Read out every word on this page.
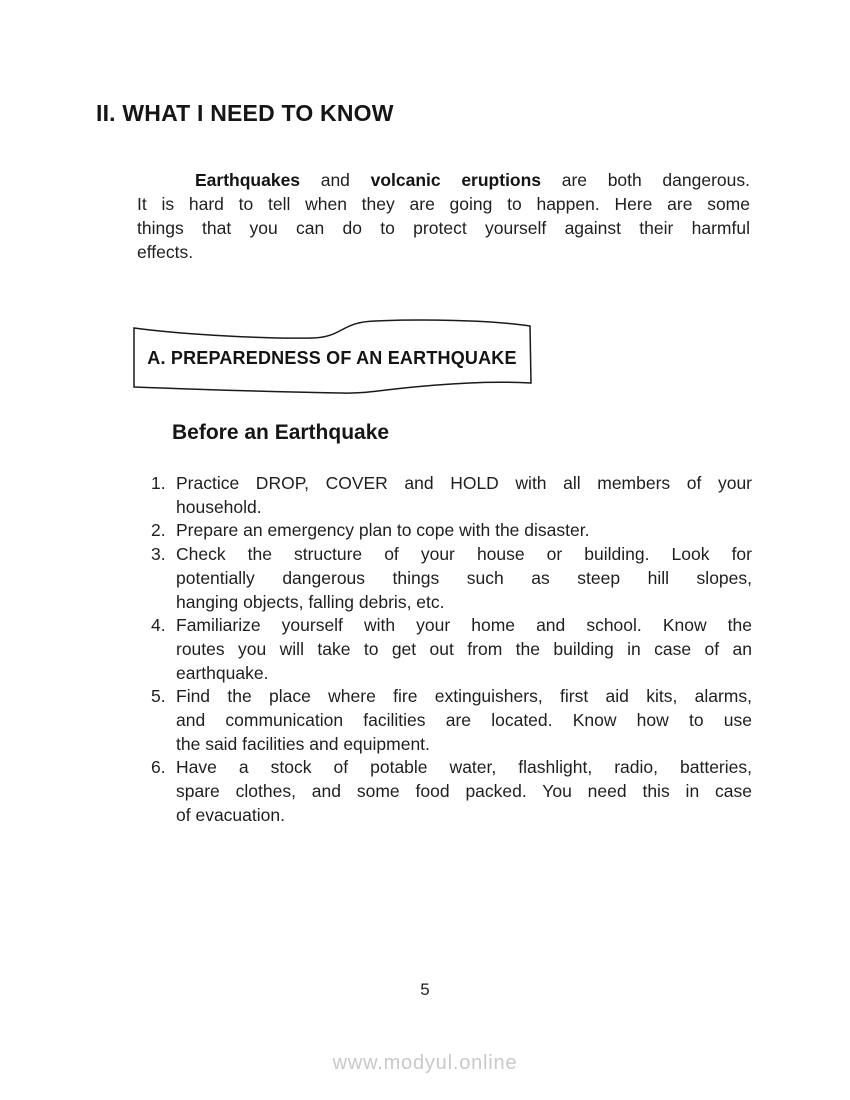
II. WHAT I NEED TO KNOW
Earthquakes and volcanic eruptions are both dangerous.
It is hard to tell when they are going to happen. Here are some
things that you can do to protect yourself against their harmful
effects.
A. PREPAREDNESS OF AN EARTHQUAKE
Before an Earthquake
1. Practice DROP, COVER and HOLD with all members of your
household.
2. Prepare an emergency plan to cope with the disaster.
3. Check the structure of your house or building. Look for
potentially dangerous things such as steep hill slopes,
hanging objects, falling debris, etc.
4. Familiarize yourself with your home and school. Know the
routes you will take to get out from the building in case of an
earthquake.
5. Find the place where fire extinguishers, first aid kits, alarms,
and communication facilities are located. Know how to use
the said facilities and equipment.
6. Have a stock of potable water, flashlight, radio, batteries,
spare clothes, and some food packed. You need this in case
of evacuation.
5
www.modyul.online
